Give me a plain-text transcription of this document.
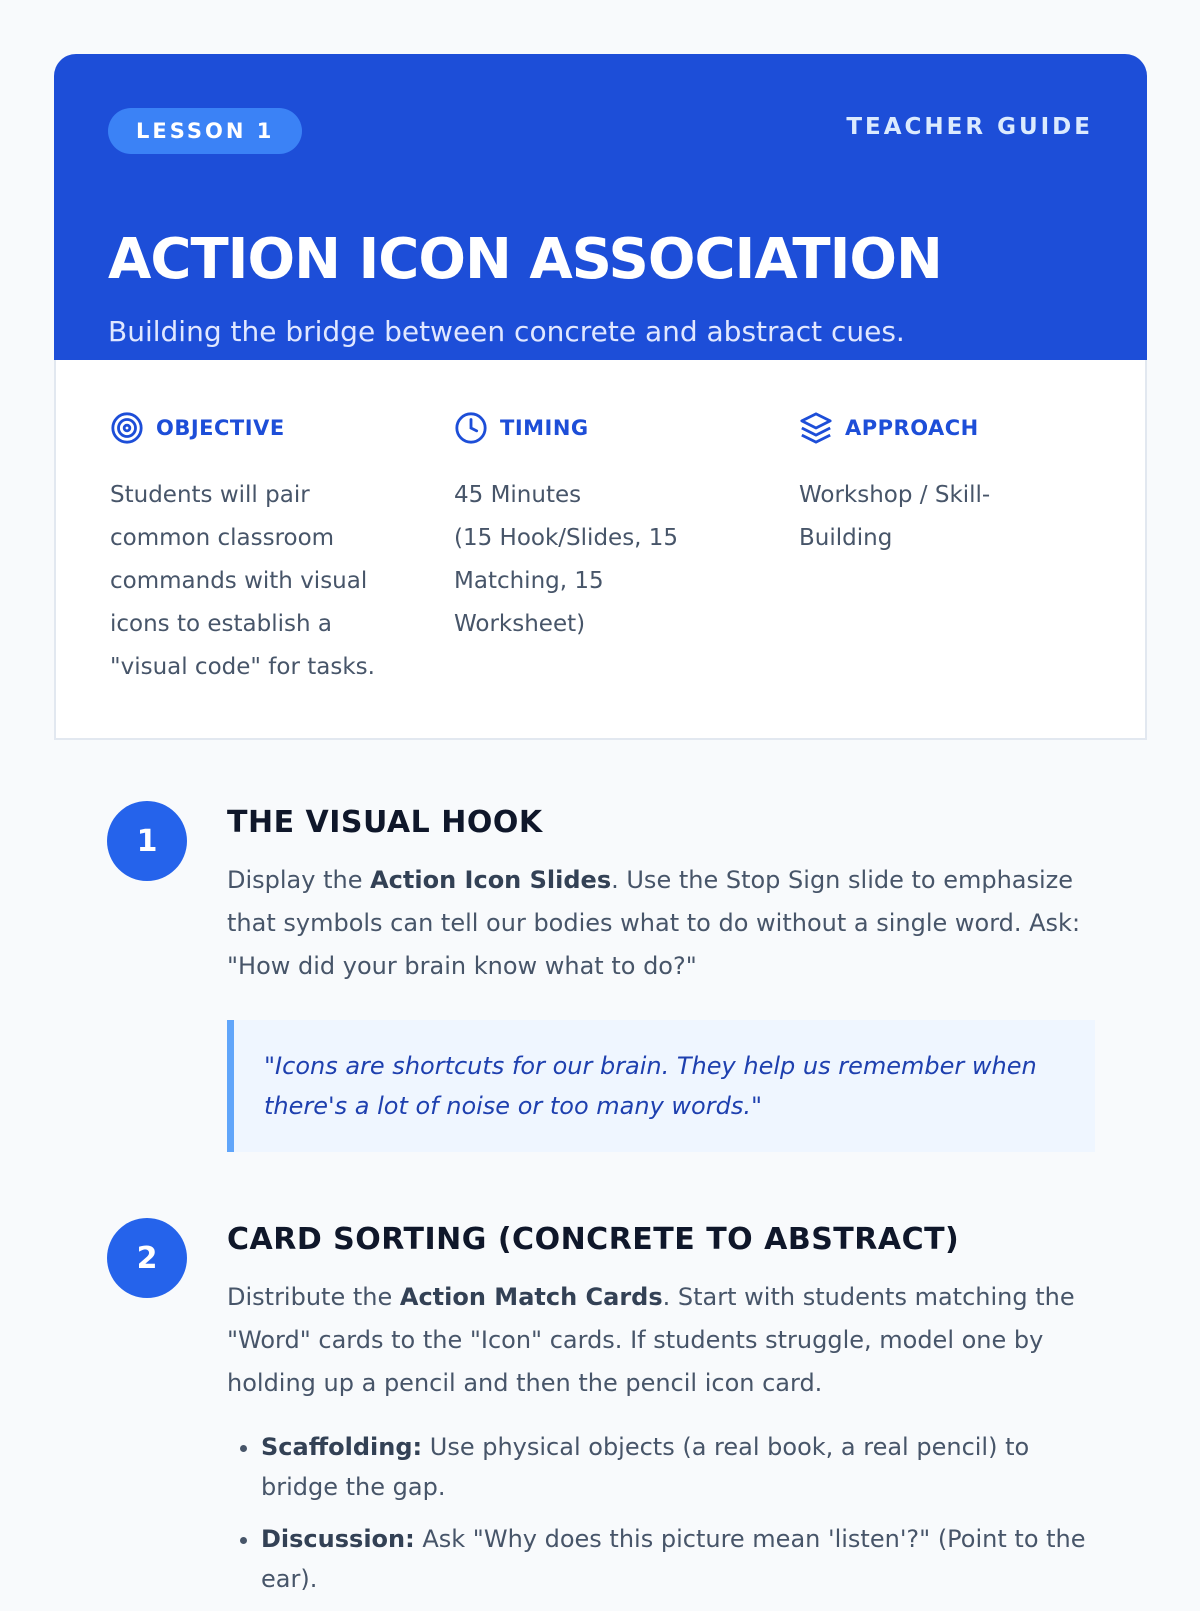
LESSON 1	TEACHER GUIDE
ACTION ICON ASSOCIATION

Building the bridge between concrete and abstract cues.

OBJECTIVE
Students will pair
common classroom
commands with visual
icons to establish a
"visual code" for tasks.
TIMING
45 Minutes
(15 Hook/Slides, 15
Matching, 15
Worksheet)
APPROACH
Workshop / Skill-
Building
1
THE VISUAL HOOK

Display the Action Icon Slides. Use the Stop Sign slide to emphasize that symbols can tell our bodies what to do without a single word. Ask: "How did your brain know what to do?"

"Icons are shortcuts for our brain. They help us remember when there's a lot of noise or too many words."
2
CARD SORTING (CONCRETE TO ABSTRACT)

Distribute the Action Match Cards. Start with students matching the "Word" cards to the "Icon" cards. If students struggle, model one by holding up a pencil and then the pencil icon card.

• Scaffolding: Use physical objects (a real book, a real pencil) to bridge the gap.
• Discussion: Ask "Why does this picture mean 'listen'?" (Point to the ear).
